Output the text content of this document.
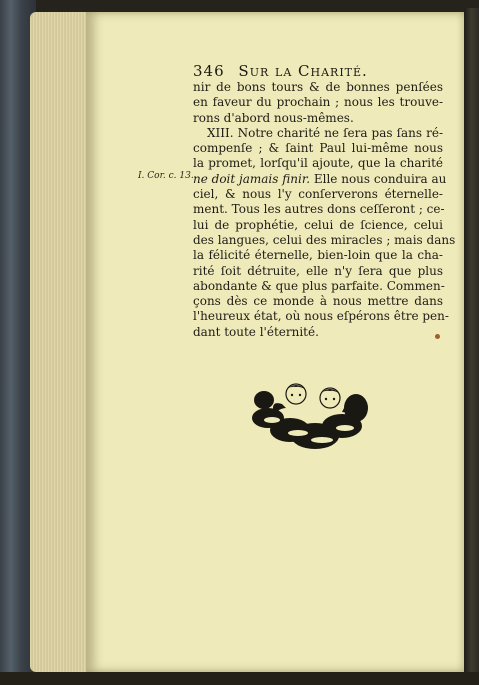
346 Sur la Charité.
I. Cor. c. 13.
nir de bons tours & de bonnes penſées
en faveur du prochain ; nous les trouve-
rons d'abord nous-mêmes.
XIII. Notre charité ne ſera pas ſans ré-
compenſe ; & ſaint Paul lui-même nous
la promet, lorſqu'il ajoute, que la charité
ne doit jamais finir. Elle nous conduira au
ciel, & nous l'y conſerverons éternelle-
ment. Tous les autres dons ceſſeront ; ce-
lui de prophétie, celui de ſcience, celui
des langues, celui des miracles ; mais dans
la félicité éternelle, bien-loin que la cha-
rité ſoit détruite, elle n'y ſera que plus
abondante & que plus parfaite. Commen-
çons dès ce monde à nous mettre dans
l'heureux état, où nous eſpérons être pen-
dant toute l'éternité.
